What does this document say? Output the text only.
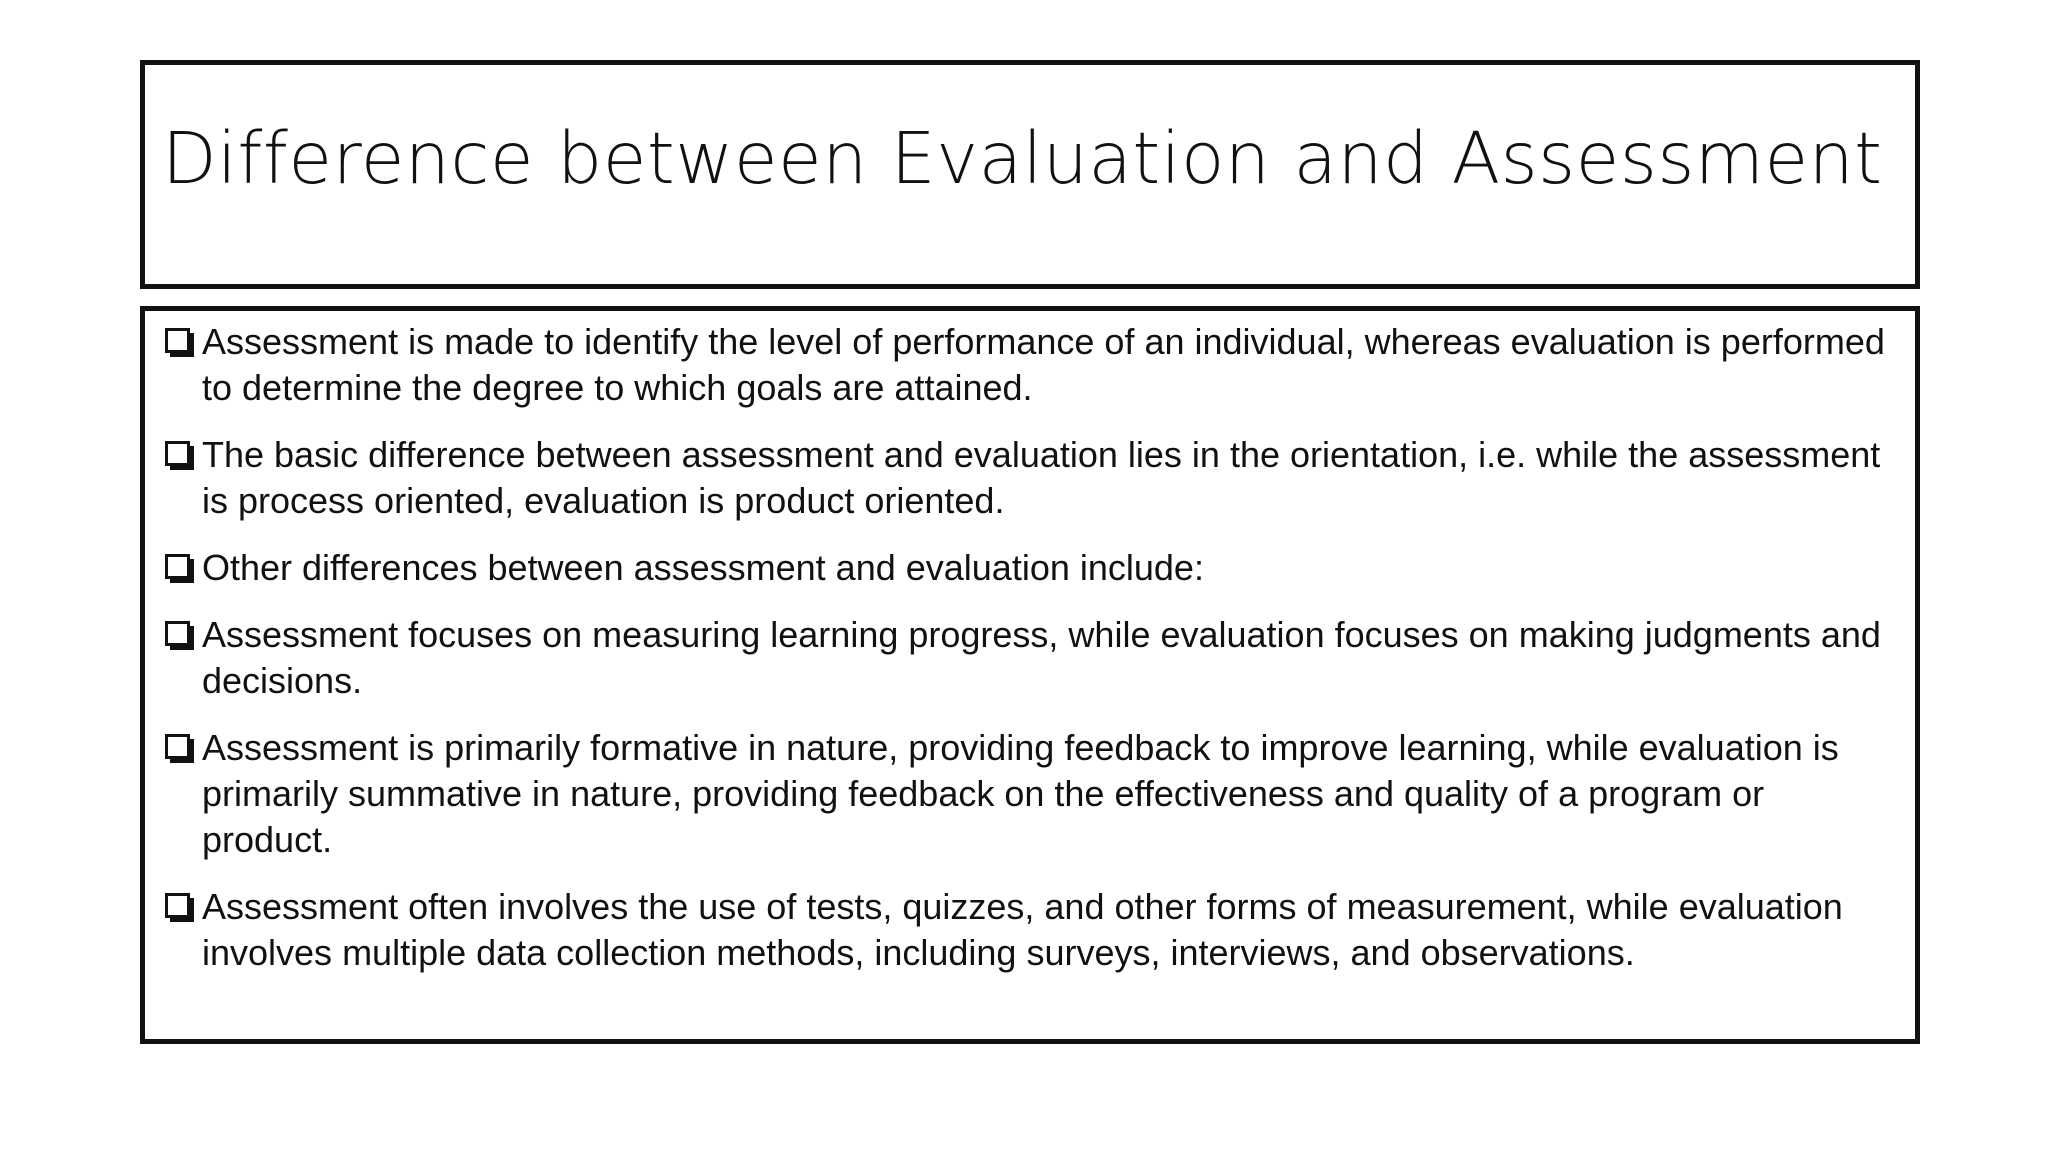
Difference between Evaluation and Assessment
Assessment is made to identify the level of performance of an individual, whereas evaluation is performed to determine the degree to which goals are attained.
The basic difference between assessment and evaluation lies in the orientation, i.e. while the assessment is process oriented, evaluation is product oriented.
Other differences between assessment and evaluation include:
Assessment focuses on measuring learning progress, while evaluation focuses on making judgments and decisions.
Assessment is primarily formative in nature, providing feedback to improve learning, while evaluation is primarily summative in nature, providing feedback on the effectiveness and quality of a program or product.
Assessment often involves the use of tests, quizzes, and other forms of measurement, while evaluation involves multiple data collection methods, including surveys, interviews, and observations.
